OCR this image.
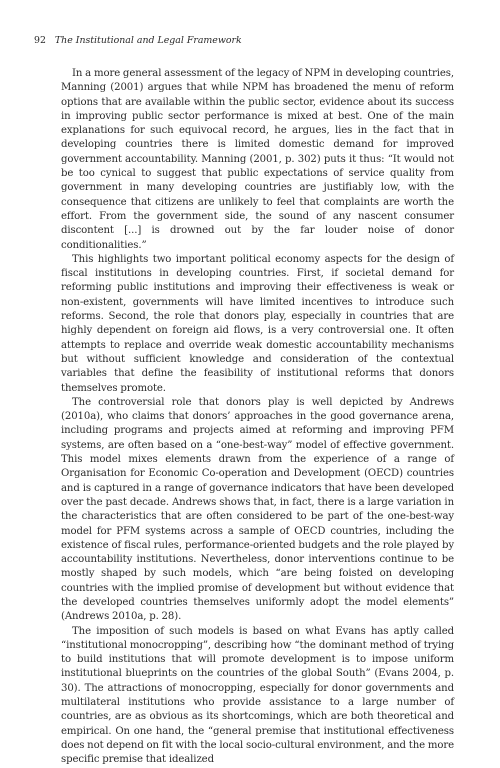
92 The Institutional and Legal Framework

In a more general assessment of the legacy of NPM in developing countries, Manning (2001) argues that while NPM has broadened the menu of reform options that are available within the public sector, evidence about its success in improving public sector performance is mixed at best. One of the main explanations for such equivocal record, he argues, lies in the fact that in developing countries there is limited domestic demand for improved government accountability. Manning (2001, p. 302) puts it thus: “It would not be too cynical to suggest that public expectations of service quality from government in many developing countries are justifiably low, with the consequence that citizens are unlikely to feel that complaints are worth the effort. From the government side, the sound of any nascent consumer discontent [...] is drowned out by the far louder noise of donor conditionalities.”

This highlights two important political economy aspects for the design of fiscal institutions in developing countries. First, if societal demand for reforming public institutions and improving their effectiveness is weak or non-existent, governments will have limited incentives to introduce such reforms. Second, the role that donors play, especially in countries that are highly dependent on foreign aid flows, is a very controversial one. It often attempts to replace and override weak domestic accountability mechanisms but without sufficient knowledge and consideration of the contextual variables that define the feasibility of institutional reforms that donors themselves promote.

The controversial role that donors play is well depicted by Andrews (2010a), who claims that donors’ approaches in the good governance arena, including programs and projects aimed at reforming and improving PFM systems, are often based on a “one-best-way” model of effective government. This model mixes elements drawn from the experience of a range of Organisation for Economic Co-operation and Development (OECD) countries and is captured in a range of governance indicators that have been developed over the past decade. Andrews shows that, in fact, there is a large variation in the characteristics that are often considered to be part of the one-best-way model for PFM systems across a sample of OECD countries, including the existence of fiscal rules, performance-oriented budgets and the role played by accountability institutions. Nevertheless, donor interventions continue to be mostly shaped by such models, which “are being foisted on developing countries with the implied promise of development but without evidence that the developed countries themselves uniformly adopt the model elements” (Andrews 2010a, p. 28).

The imposition of such models is based on what Evans has aptly called “institutional monocropping”, describing how “the dominant method of trying to build institutions that will promote development is to impose uniform institutional blueprints on the countries of the global South” (Evans 2004, p. 30). The attractions of monocropping, especially for donor governments and multilateral institutions who provide assistance to a large number of countries, are as obvious as its shortcomings, which are both theoretical and empirical. On one hand, the “general premise that institutional effectiveness does not depend on fit with the local socio-cultural environment, and the more specific premise that idealized
